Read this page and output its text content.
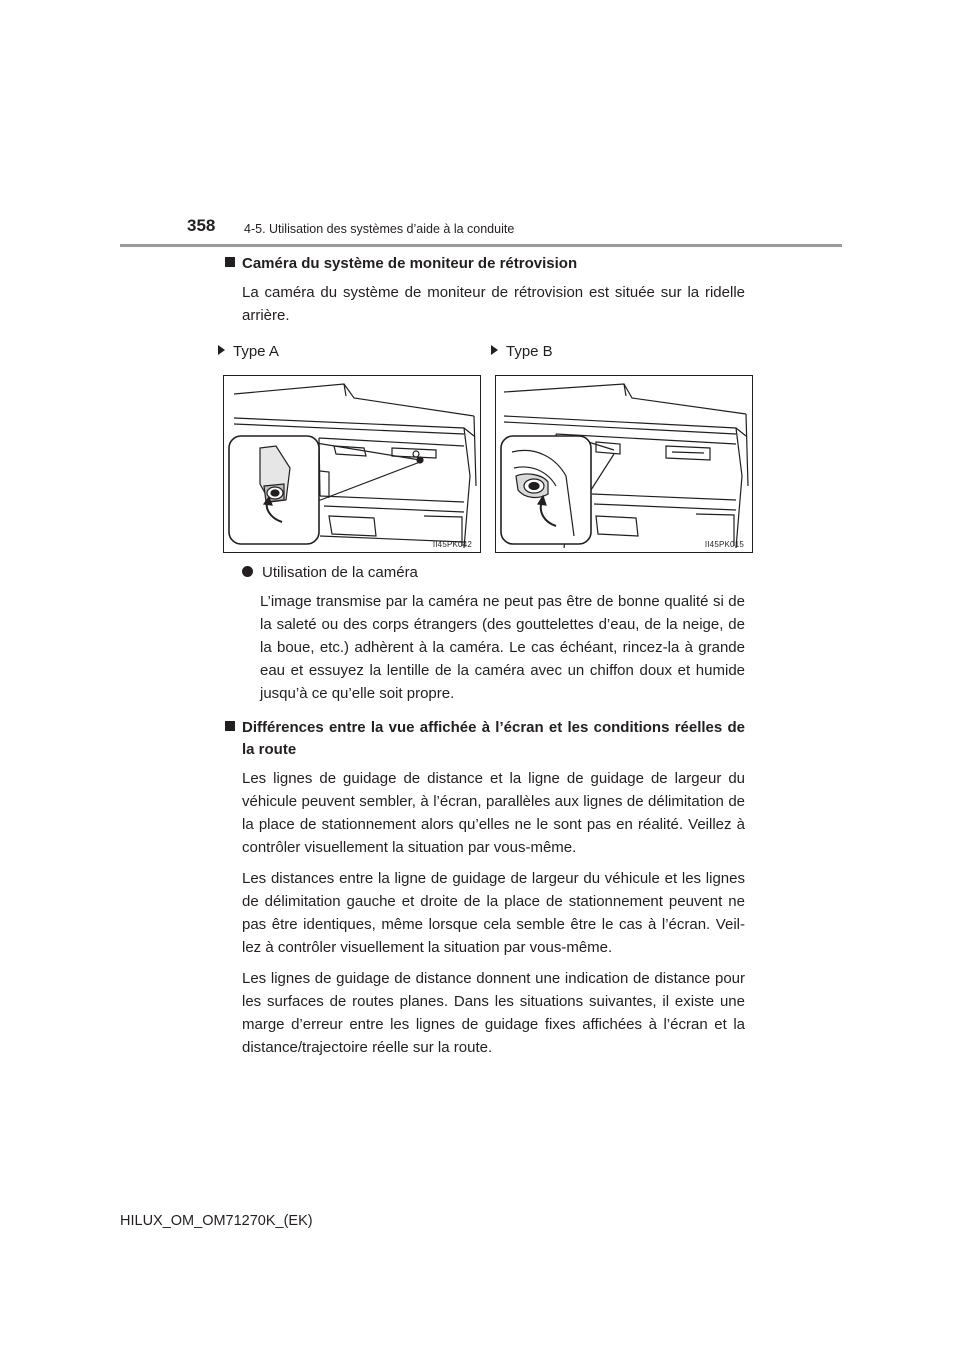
358 4-5. Utilisation des systèmes d’aide à la conduite

Caméra du système de moniteur de rétrovision

La caméra du système de moniteur de rétrovision est située sur la ridelle arrière.

Type A	Type B
II45PK042	II45PK015

Utilisation de la caméra

L’image transmise par la caméra ne peut pas être de bonne qualité si de la saleté ou des corps étrangers (des gouttelettes d’eau, de la neige, de la boue, etc.) adhèrent à la caméra. Le cas échéant, rincez-la à grande eau et essuyez la lentille de la caméra avec un chiffon doux et humide jusqu’à ce qu’elle soit propre.

Différences entre la vue affichée à l’écran et les conditions réelles de la route

Les lignes de guidage de distance et la ligne de guidage de largeur du véhicule peuvent sembler, à l’écran, parallèles aux lignes de délimitation de la place de stationnement alors qu’elles ne le sont pas en réalité. Veillez à contrôler visuellement la situation par vous-même.

Les distances entre la ligne de guidage de largeur du véhicule et les lignes de délimitation gauche et droite de la place de stationnement peuvent ne pas être identiques, même lorsque cela semble être le cas à l’écran. Veil-lez à contrôler visuellement la situation par vous-même.

Les lignes de guidage de distance donnent une indication de distance pour les surfaces de routes planes. Dans les situations suivantes, il existe une marge d’erreur entre les lignes de guidage fixes affichées à l’écran et la distance/trajectoire réelle sur la route.

HILUX_OM_OM71270K_(EK)
